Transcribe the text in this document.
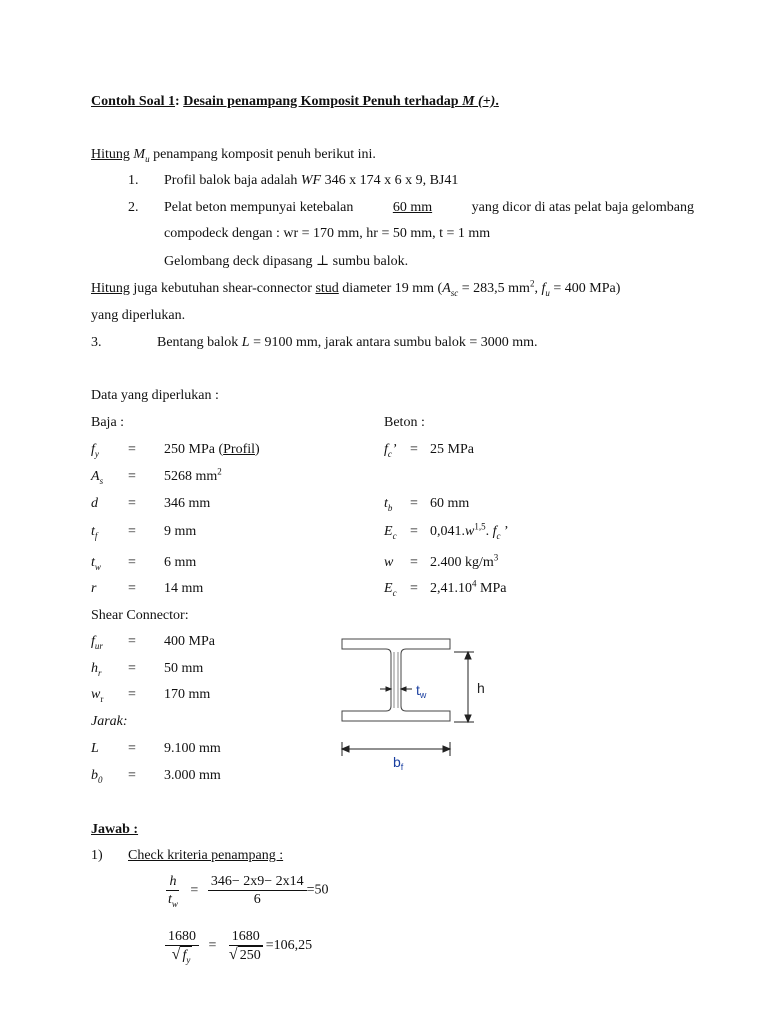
Contoh Soal 1: Desain penampang Komposit Penuh terhadap M (+).
Hitung $M_u$ penampang komposit penuh berikut ini.
1. Profil balok baja adalah WF 346 x 174 x 6 x 9, BJ41
2. Pelat beton mempunyai ketebalan	60 mm	yang dicor di atas pelat baja gelombang
compodeck dengan : wr = 170 mm, hr = 50 mm, t = 1 mm
Gelombang deck dipasang ⊥ sumbu balok.
Hitung juga kebutuhan shear-connector stud diameter 19 mm ($A_{sc} = 283,5$ $mm^2$, $f_u = 400$ MPa)
yang diperlukan.
3.	Bentang balok L = 9100 mm, jarak antara sumbu balok = 3000 mm.
Data yang diperlukan :
Baja :	Beton :
$f_y = 250$ MPa (Profil)
$A_s = 5268$ $mm^2$
d = 346 mm
$t_f = 9$ mm
$t_w = 6$ mm
r = 14 mm
$f_c$’ = 25 MPa
$t_b = 60$ mm
$E_c = 0,041.w^{1,5}$. $f_c$ ’
w = 2.400 $kg/m^3$
$E_c = 2,41.10^4$ MPa
Shear Connector:
$f_{ur} = 400$ MPa
$h_r = 50$ mm
$w_r = 170$ mm
Jarak:
L = 9.100 mm
$b_0 = 3.000$ mm
$t_w$	h
$b_f$
Jawab :
1) Check kriteria penampang :
$\frac{h}{t_w} = \frac{346- 2x9- 2x14}{6} =50$
$\frac{1680}{√ f_y} = \frac{1680}{√ 250} =106,25$
